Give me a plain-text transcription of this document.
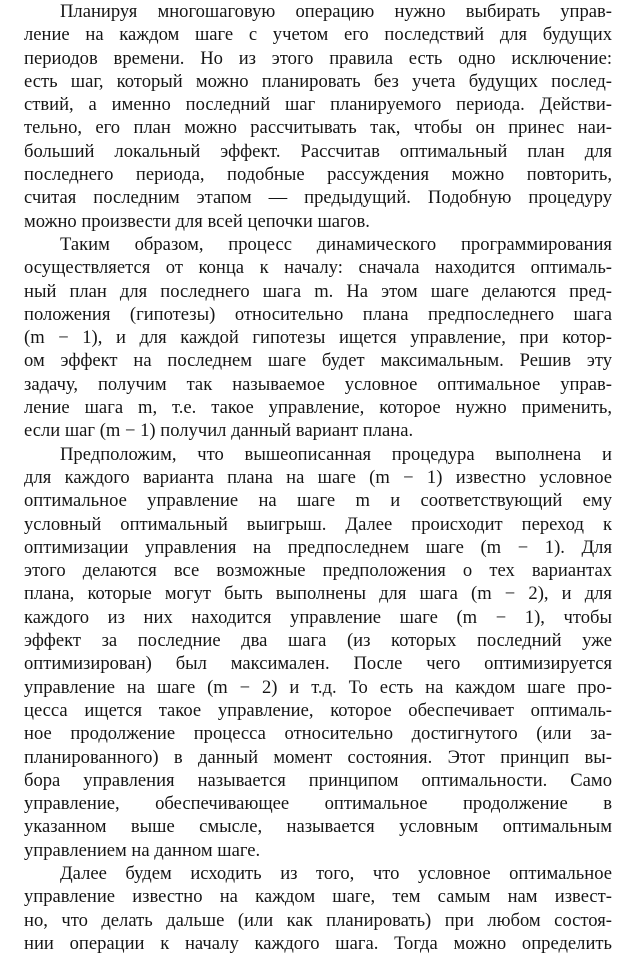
Планируя многошаговую операцию нужно выбирать управ-
ление на каждом шаге с учетом его последствий для будущих
периодов времени. Но из этого правила есть одно исключение:
есть шаг, который можно планировать без учета будущих послед-
ствий, а именно последний шаг планируемого периода. Действи-
тельно, его план можно рассчитывать так, чтобы он принес наи-
больший локальный эффект. Рассчитав оптимальный план для
последнего периода, подобные рассуждения можно повторить,
считая последним этапом — предыдущий. Подобную процедуру
можно произвести для всей цепочки шагов.
Таким образом, процесс динамического программирования
осуществляется от конца к началу: сначала находится оптималь-
ный план для последнего шага m. На этом шаге делаются пред-
положения (гипотезы) относительно плана предпоследнего шага
(m − 1), и для каждой гипотезы ищется управление, при котор-
ом эффект на последнем шаге будет максимальным. Решив эту
задачу, получим так называемое условное оптимальное управ-
ление шага m, т.е. такое управление, которое нужно применить,
если шаг (m − 1) получил данный вариант плана.
Предположим, что вышеописанная процедура выполнена и
для каждого варианта плана на шаге (m − 1) известно условное
оптимальное управление на шаге m и соответствующий ему
условный оптимальный выигрыш. Далее происходит переход к
оптимизации управления на предпоследнем шаге (m − 1). Для
этого делаются все возможные предположения о тех вариантах
плана, которые могут быть выполнены для шага (m − 2), и для
каждого из них находится управление шаге (m − 1), чтобы
эффект за последние два шага (из которых последний уже
оптимизирован) был максимален. После чего оптимизируется
управление на шаге (m − 2) и т.д. То есть на каждом шаге про-
цесса ищется такое управление, которое обеспечивает оптималь-
ное продолжение процесса относительно достигнутого (или за-
планированного) в данный момент состояния. Этот принцип вы-
бора управления называется принципом оптимальности. Само
управление, обеспечивающее оптимальное продолжение в
указанном выше смысле, называется условным оптимальным
управлением на данном шаге.
Далее будем исходить из того, что условное оптимальное
управление известно на каждом шаге, тем самым нам извест-
но, что делать дальше (или как планировать) при любом состоя-
нии операции к началу каждого шага. Тогда можно определить
